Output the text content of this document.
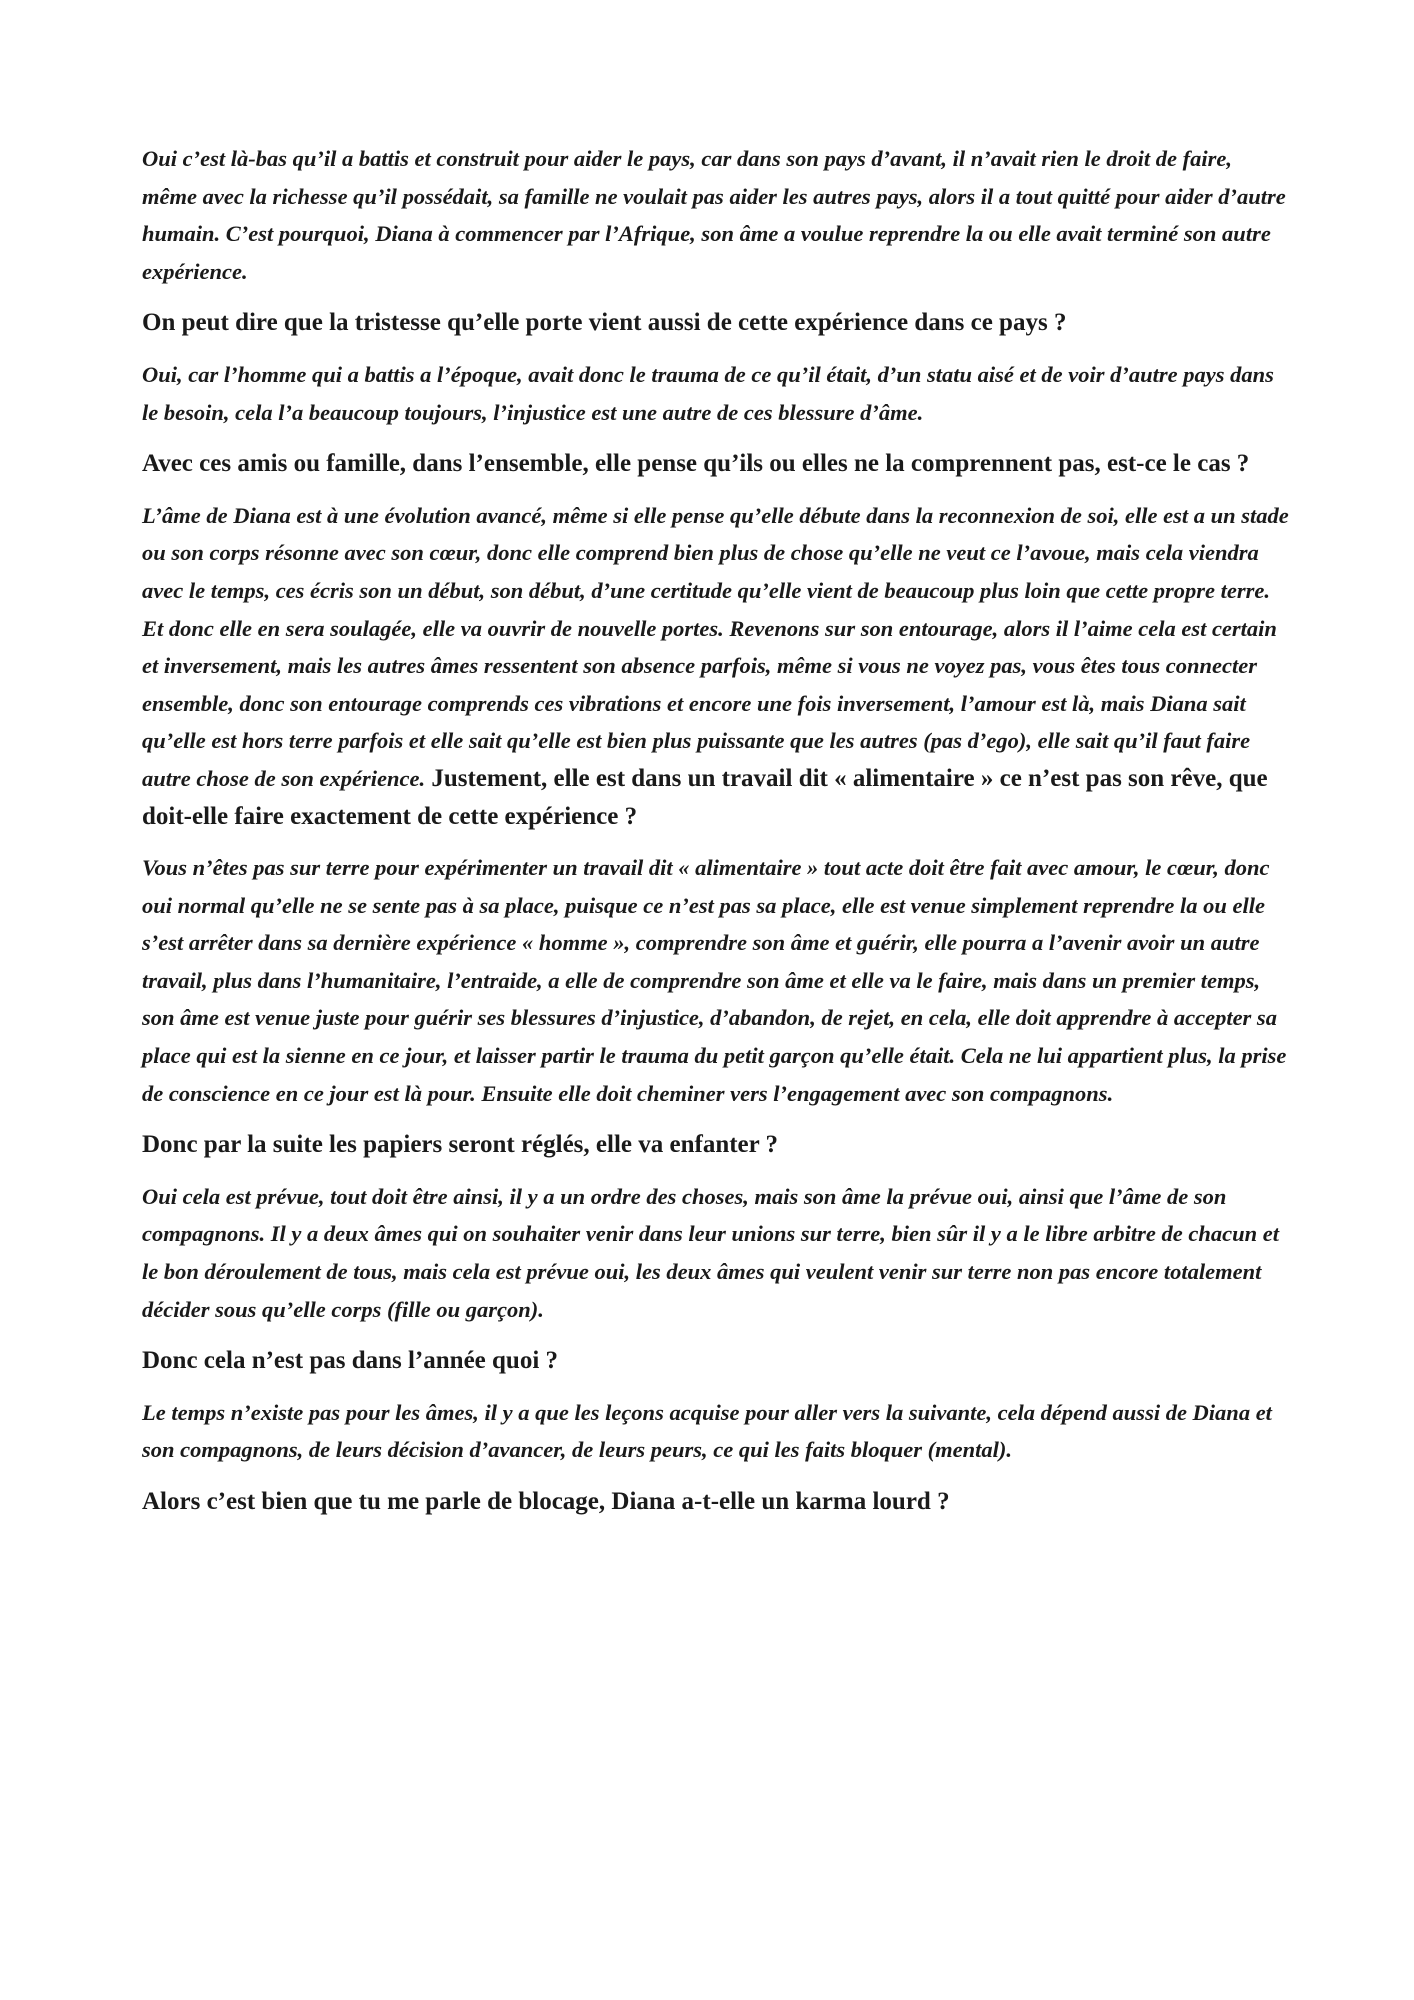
Oui c’est là-bas qu’il a battis et construit pour aider le pays, car dans son pays d’avant, il n’avait rien le droit de faire, même avec la richesse qu’il possédait, sa famille ne voulait pas aider les autres pays, alors il a tout quitté pour aider d’autre humain. C’est pourquoi, Diana à commencer par l’Afrique, son âme a voulue reprendre la ou elle avait terminé son autre expérience.

On peut dire que la tristesse qu’elle porte vient aussi de cette expérience dans ce pays ?

Oui, car l’homme qui a battis a l’époque, avait donc le trauma de ce qu’il était, d’un statu aisé et de voir d’autre pays dans le besoin, cela l’a beaucoup toujours, l’injustice est une autre de ces blessure d’âme.

Avec ces amis ou famille, dans l’ensemble, elle pense qu’ils ou elles ne la comprennent pas, est-ce le cas ?

L’âme de Diana est à une évolution avancé, même si elle pense qu’elle débute dans la reconnexion de soi, elle est a un stade ou son corps résonne avec son cœur, donc elle comprend bien plus de chose qu’elle ne veut ce l’avoue, mais cela viendra avec le temps, ces écris son un début, son début, d’une certitude qu’elle vient de beaucoup plus loin que cette propre terre. Et donc elle en sera soulagée, elle va ouvrir de nouvelle portes. Revenons sur son entourage, alors il l’aime cela est certain et inversement, mais les autres âmes ressentent son absence parfois, même si vous ne voyez pas, vous êtes tous connecter ensemble, donc son entourage comprends ces vibrations et encore une fois inversement, l’amour est là, mais Diana sait qu’elle est hors terre parfois et elle sait qu’elle est bien plus puissante que les autres (pas d’ego), elle sait qu’il faut faire autre chose de son expérience. Justement, elle est dans un travail dit « alimentaire » ce n’est pas son rêve, que doit-elle faire exactement de cette expérience ?

Vous n’êtes pas sur terre pour expérimenter un travail dit « alimentaire » tout acte doit être fait avec amour, le cœur, donc oui normal qu’elle ne se sente pas à sa place, puisque ce n’est pas sa place, elle est venue simplement reprendre la ou elle s’est arrêter dans sa dernière expérience « homme », comprendre son âme et guérir, elle pourra a l’avenir avoir un autre travail, plus dans l’humanitaire, l’entraide, a elle de comprendre son âme et elle va le faire, mais dans un premier temps, son âme est venue juste pour guérir ses blessures d’injustice, d’abandon, de rejet, en cela, elle doit apprendre à accepter sa place qui est la sienne en ce jour, et laisser partir le trauma du petit garçon qu’elle était. Cela ne lui appartient plus, la prise de conscience en ce jour est là pour. Ensuite elle doit cheminer vers l’engagement avec son compagnons.

Donc par la suite les papiers seront réglés, elle va enfanter ?

Oui cela est prévue, tout doit être ainsi, il y a un ordre des choses, mais son âme la prévue oui, ainsi que l’âme de son compagnons. Il y a deux âmes qui on souhaiter venir dans leur unions sur terre, bien sûr il y a le libre arbitre de chacun et le bon déroulement de tous, mais cela est prévue oui, les deux âmes qui veulent venir sur terre non pas encore totalement décider sous qu’elle corps (fille ou garçon).

Donc cela n’est pas dans l’année quoi ?

Le temps n’existe pas pour les âmes, il y a que les leçons acquise pour aller vers la suivante, cela dépend aussi de Diana et son compagnons, de leurs décision d’avancer, de leurs peurs, ce qui les faits bloquer (mental).

Alors c’est bien que tu me parle de blocage, Diana a-t-elle un karma lourd ?
